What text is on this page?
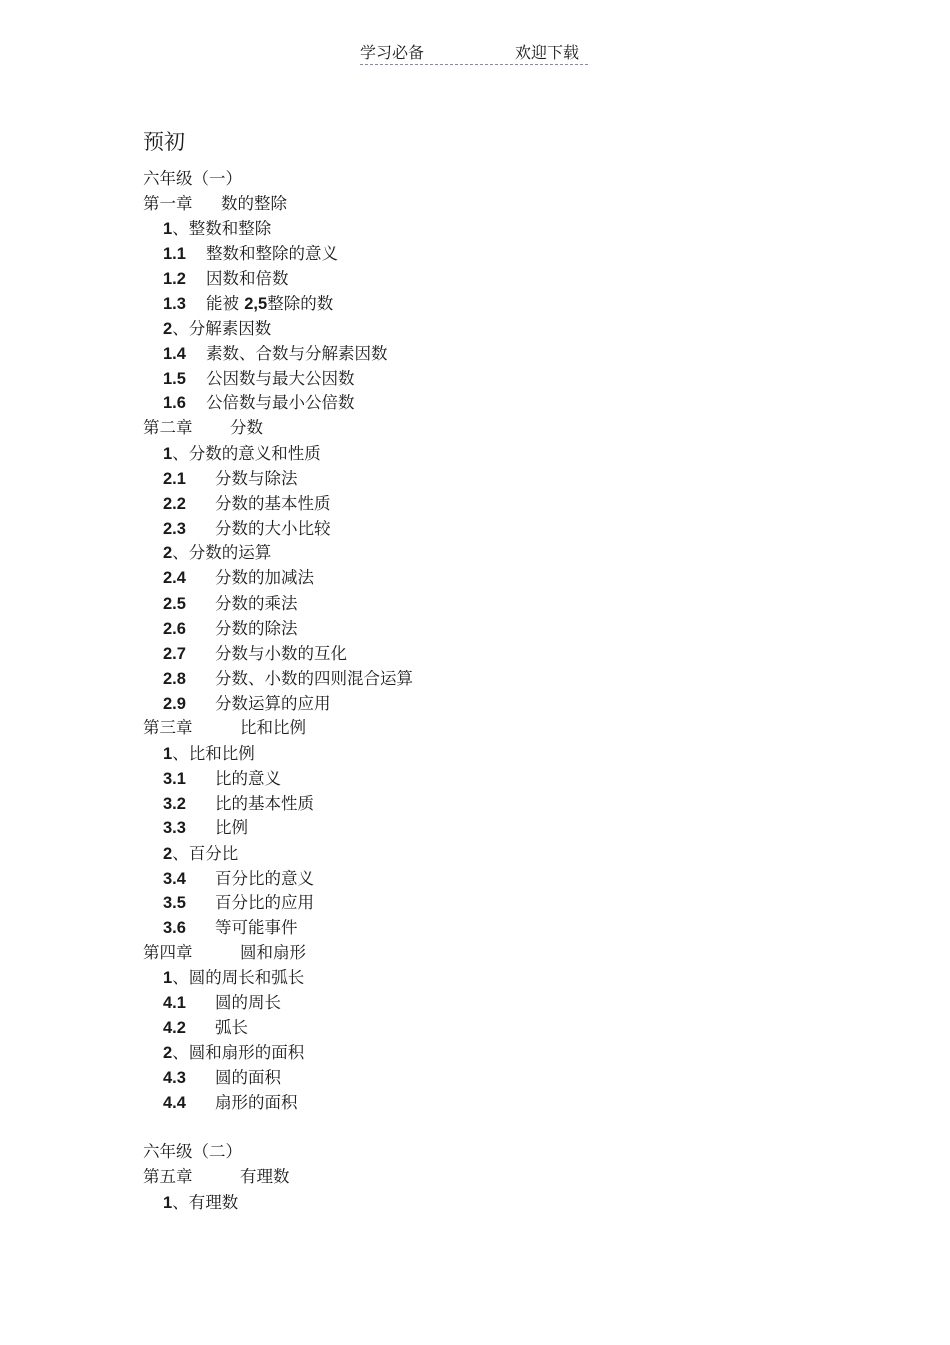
学习必备	欢迎下载
预初
六年级（一）
第一章 数的整除
1、整数和整除
1.1 整数和整除的意义
1.2 因数和倍数
1.3 能被 2,5整除的数
2、分解素因数
1.4 素数、合数与分解素因数
1.5 公因数与最大公因数
1.6 公倍数与最小公倍数
第二章 分数
1、分数的意义和性质
2.1 分数与除法
2.2 分数的基本性质
2.3 分数的大小比较
2、分数的运算
2.4 分数的加减法
2.5 分数的乘法
2.6 分数的除法
2.7 分数与小数的互化
2.8 分数、小数的四则混合运算
2.9 分数运算的应用
第三章	比和比例
1、比和比例
3.1 比的意义
3.2 比的基本性质
3.3 比例
2、百分比
3.4 百分比的意义
3.5 百分比的应用
3.6 等可能事件
第四章	圆和扇形
1、圆的周长和弧长
4.1 圆的周长
4.2 弧长
2、圆和扇形的面积
4.3 圆的面积
4.4 扇形的面积
六年级（二）
第五章	有理数
1、有理数
